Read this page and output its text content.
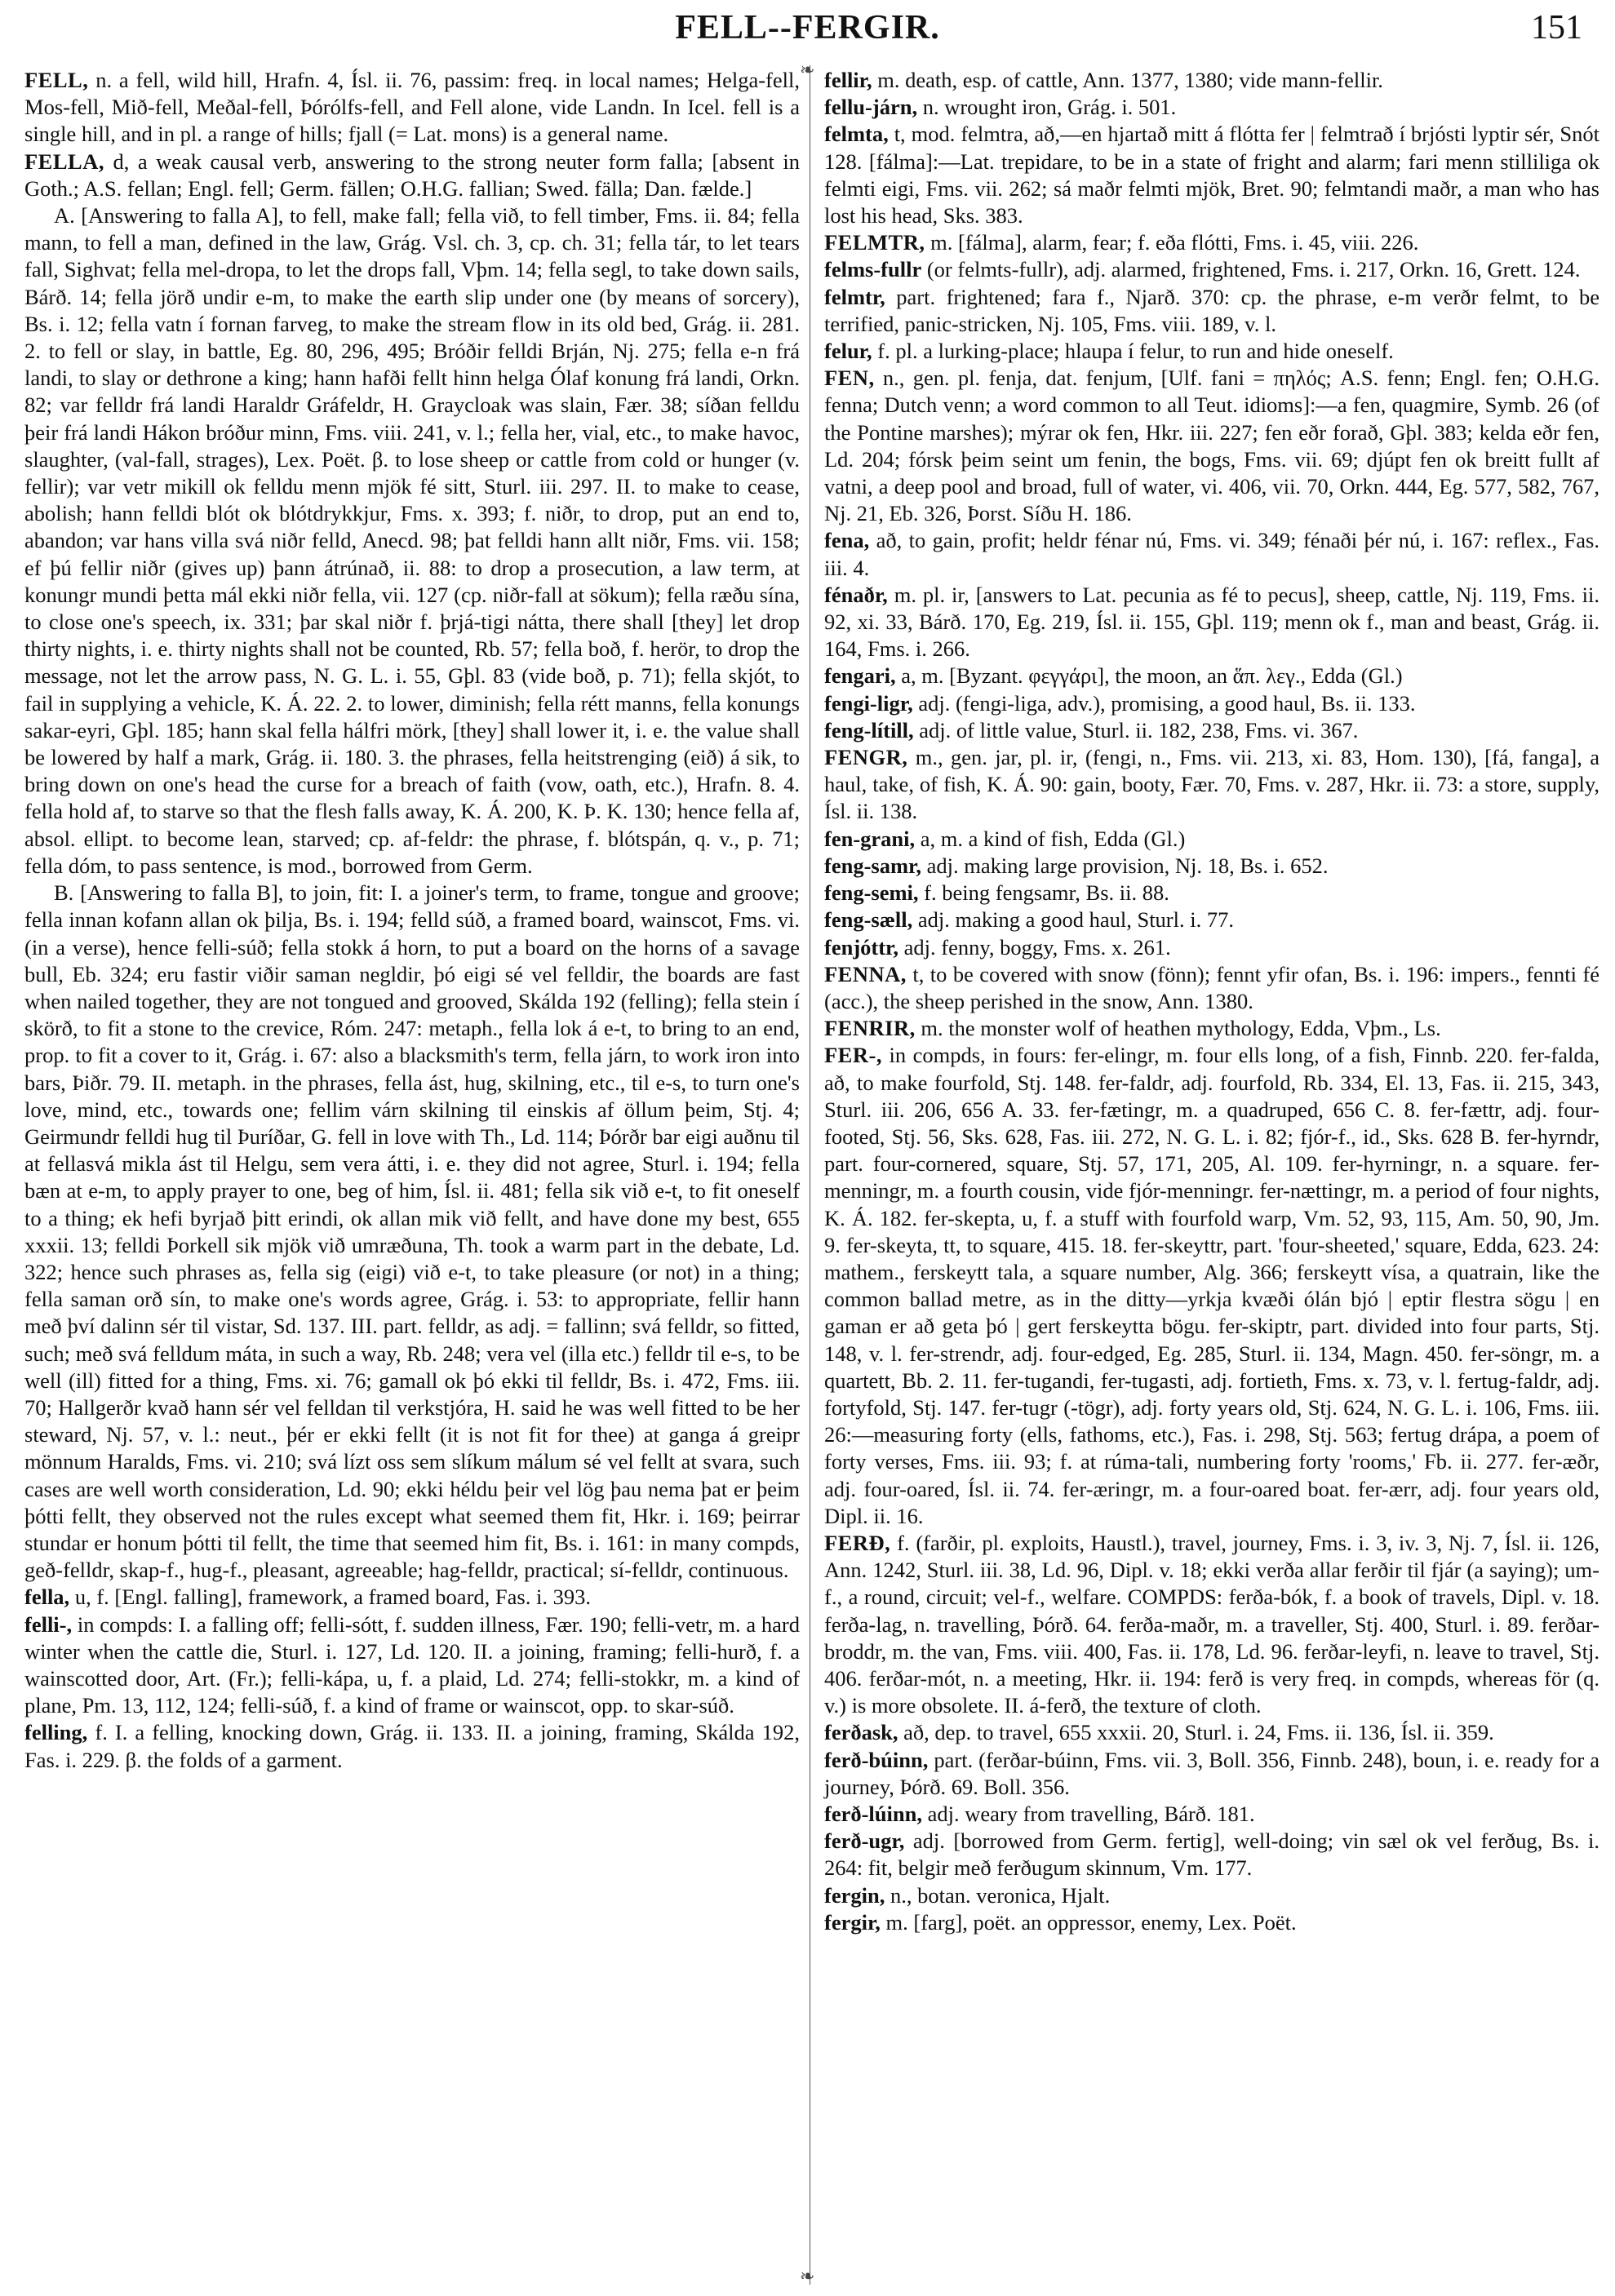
FELL--FERGIR.	151
❧
❧

FELL, n. a fell, wild hill, Hrafn. 4, Ísl. ii. 76, passim: freq. in local names; Helga-fell, Mos-fell, Mið-fell, Meðal-fell, Þórólfs-fell, and Fell alone, vide Landn. In Icel. fell is a single hill, and in pl. a range of hills; fjall (= Lat. mons) is a general name.

FELLA, d, a weak causal verb, answering to the strong neuter form falla; [absent in Goth.; A.S. fellan; Engl. fell; Germ. fällen; O.H.G. fallian; Swed. fälla; Dan. fælde.]

A. [Answering to falla A], to fell, make fall; fella við, to fell timber, Fms. ii. 84; fella mann, to fell a man, defined in the law, Grág. Vsl. ch. 3, cp. ch. 31; fella tár, to let tears fall, Sighvat; fella mel-dropa, to let the drops fall, Vþm. 14; fella segl, to take down sails, Bárð. 14; fella jörð undir e-m, to make the earth slip under one (by means of sorcery), Bs. i. 12; fella vatn í fornan farveg, to make the stream flow in its old bed, Grág. ii. 281. 2. to fell or slay, in battle, Eg. 80, 296, 495; Bróðir felldi Brján, Nj. 275; fella e-n frá landi, to slay or dethrone a king; hann hafði fellt hinn helga Ólaf konung frá landi, Orkn. 82; var felldr frá landi Haraldr Gráfeldr, H. Graycloak was slain, Fær. 38; síðan felldu þeir frá landi Hákon bróður minn, Fms. viii. 241, v. l.; fella her, vial, etc., to make havoc, slaughter, (val-fall, strages), Lex. Poët. β. to lose sheep or cattle from cold or hunger (v. fellir); var vetr mikill ok felldu menn mjök fé sitt, Sturl. iii. 297. II. to make to cease, abolish; hann felldi blót ok blótdrykkjur, Fms. x. 393; f. niðr, to drop, put an end to, abandon; var hans villa svá niðr felld, Anecd. 98; þat felldi hann allt niðr, Fms. vii. 158; ef þú fellir niðr (gives up) þann átrúnað, ii. 88: to drop a prosecution, a law term, at konungr mundi þetta mál ekki niðr fella, vii. 127 (cp. niðr-fall at sökum); fella ræðu sína, to close one's speech, ix. 331; þar skal niðr f. þrjá-tigi nátta, there shall [they] let drop thirty nights, i. e. thirty nights shall not be counted, Rb. 57; fella boð, f. herör, to drop the message, not let the arrow pass, N. G. L. i. 55, Gþl. 83 (vide boð, p. 71); fella skjót, to fail in supplying a vehicle, K. Á. 22. 2. to lower, diminish; fella rétt manns, fella konungs sakar-eyri, Gþl. 185; hann skal fella hálfri mörk, [they] shall lower it, i. e. the value shall be lowered by half a mark, Grág. ii. 180. 3. the phrases, fella heitstrenging (eið) á sik, to bring down on one's head the curse for a breach of faith (vow, oath, etc.), Hrafn. 8. 4. fella hold af, to starve so that the flesh falls away, K. Á. 200, K. Þ. K. 130; hence fella af, absol. ellipt. to become lean, starved; cp. af-feldr: the phrase, f. blótspán, q. v., p. 71; fella dóm, to pass sentence, is mod., borrowed from Germ.

B. [Answering to falla B], to join, fit: I. a joiner's term, to frame, tongue and groove; fella innan kofann allan ok þilja, Bs. i. 194; felld súð, a framed board, wainscot, Fms. vi. (in a verse), hence felli-súð; fella stokk á horn, to put a board on the horns of a savage bull, Eb. 324; eru fastir viðir saman negldir, þó eigi sé vel felldir, the boards are fast when nailed together, they are not tongued and grooved, Skálda 192 (felling); fella stein í skörð, to fit a stone to the crevice, Róm. 247: metaph., fella lok á e-t, to bring to an end, prop. to fit a cover to it, Grág. i. 67: also a blacksmith's term, fella járn, to work iron into bars, Þiðr. 79. II. metaph. in the phrases, fella ást, hug, skilning, etc., til e-s, to turn one's love, mind, etc., towards one; fellim várn skilning til einskis af öllum þeim, Stj. 4; Geirmundr felldi hug til Þuríðar, G. fell in love with Th., Ld. 114; Þórðr bar eigi auðnu til at fellasvá mikla ást til Helgu, sem vera átti, i. e. they did not agree, Sturl. i. 194; fella bæn at e-m, to apply prayer to one, beg of him, Ísl. ii. 481; fella sik við e-t, to fit oneself to a thing; ek hefi byrjað þitt erindi, ok allan mik við fellt, and have done my best, 655 xxxii. 13; felldi Þorkell sik mjök við umræðuna, Th. took a warm part in the debate, Ld. 322; hence such phrases as, fella sig (eigi) við e-t, to take pleasure (or not) in a thing; fella saman orð sín, to make one's words agree, Grág. i. 53: to appropriate, fellir hann með því dalinn sér til vistar, Sd. 137. III. part. felldr, as adj. = fallinn; svá felldr, so fitted, such; með svá felldum máta, in such a way, Rb. 248; vera vel (illa etc.) felldr til e-s, to be well (ill) fitted for a thing, Fms. xi. 76; gamall ok þó ekki til felldr, Bs. i. 472, Fms. iii. 70; Hallgerðr kvað hann sér vel felldan til verkstjóra, H. said he was well fitted to be her steward, Nj. 57, v. l.: neut., þér er ekki fellt (it is not fit for thee) at ganga á greipr mönnum Haralds, Fms. vi. 210; svá lízt oss sem slíkum málum sé vel fellt at svara, such cases are well worth consideration, Ld. 90; ekki héldu þeir vel lög þau nema þat er þeim þótti fellt, they observed not the rules except what seemed them fit, Hkr. i. 169; þeirrar stundar er honum þótti til fellt, the time that seemed him fit, Bs. i. 161: in many compds, geð-felldr, skap-f., hug-f., pleasant, agreeable; hag-felldr, practical; sí-felldr, continuous.

fella, u, f. [Engl. falling], framework, a framed board, Fas. i. 393.

felli-, in compds: I. a falling off; felli-sótt, f. sudden illness, Fær. 190; felli-vetr, m. a hard winter when the cattle die, Sturl. i. 127, Ld. 120. II. a joining, framing; felli-hurð, f. a wainscotted door, Art. (Fr.); felli-kápa, u, f. a plaid, Ld. 274; felli-stokkr, m. a kind of plane, Pm. 13, 112, 124; felli-súð, f. a kind of frame or wainscot, opp. to skar-súð.

felling, f. I. a felling, knocking down, Grág. ii. 133. II. a joining, framing, Skálda 192, Fas. i. 229. β. the folds of a garment.

fellir, m. death, esp. of cattle, Ann. 1377, 1380; vide mann-fellir.

fellu-járn, n. wrought iron, Grág. i. 501.

felmta, t, mod. felmtra, að,—en hjartað mitt á flótta fer | felmtrað í brjósti lyptir sér, Snót 128. [fálma]:—Lat. trepidare, to be in a state of fright and alarm; fari menn stilliliga ok felmti eigi, Fms. vii. 262; sá maðr felmti mjök, Bret. 90; felmtandi maðr, a man who has lost his head, Sks. 383.

FELMTR, m. [fálma], alarm, fear; f. eða flótti, Fms. i. 45, viii. 226.

felms-fullr (or felmts-fullr), adj. alarmed, frightened, Fms. i. 217, Orkn. 16, Grett. 124.

felmtr, part. frightened; fara f., Njarð. 370: cp. the phrase, e-m verðr felmt, to be terrified, panic-stricken, Nj. 105, Fms. viii. 189, v. l.

felur, f. pl. a lurking-place; hlaupa í felur, to run and hide oneself.

FEN, n., gen. pl. fenja, dat. fenjum, [Ulf. fani = πηλός; A.S. fenn; Engl. fen; O.H.G. fenna; Dutch venn; a word common to all Teut. idioms]:—a fen, quagmire, Symb. 26 (of the Pontine marshes); mýrar ok fen, Hkr. iii. 227; fen eðr forað, Gþl. 383; kelda eðr fen, Ld. 204; fórsk þeim seint um fenin, the bogs, Fms. vii. 69; djúpt fen ok breitt fullt af vatni, a deep pool and broad, full of water, vi. 406, vii. 70, Orkn. 444, Eg. 577, 582, 767, Nj. 21, Eb. 326, Þorst. Síðu H. 186.

fena, að, to gain, profit; heldr fénar nú, Fms. vi. 349; fénaði þér nú, i. 167: reflex., Fas. iii. 4.

fénaðr, m. pl. ir, [answers to Lat. pecunia as fé to pecus], sheep, cattle, Nj. 119, Fms. ii. 92, xi. 33, Bárð. 170, Eg. 219, Ísl. ii. 155, Gþl. 119; menn ok f., man and beast, Grág. ii. 164, Fms. i. 266.

fengari, a, m. [Byzant. φεγγάρι], the moon, an ἅπ. λεγ., Edda (Gl.)

fengi-ligr, adj. (fengi-liga, adv.), promising, a good haul, Bs. ii. 133.

feng-lítill, adj. of little value, Sturl. ii. 182, 238, Fms. vi. 367.

FENGR, m., gen. jar, pl. ir, (fengi, n., Fms. vii. 213, xi. 83, Hom. 130), [fá, fanga], a haul, take, of fish, K. Á. 90: gain, booty, Fær. 70, Fms. v. 287, Hkr. ii. 73: a store, supply, Ísl. ii. 138.

fen-grani, a, m. a kind of fish, Edda (Gl.)

feng-samr, adj. making large provision, Nj. 18, Bs. i. 652.

feng-semi, f. being fengsamr, Bs. ii. 88.

feng-sæll, adj. making a good haul, Sturl. i. 77.

fenjóttr, adj. fenny, boggy, Fms. x. 261.

FENNA, t, to be covered with snow (fönn); fennt yfir ofan, Bs. i. 196: impers., fennti fé (acc.), the sheep perished in the snow, Ann. 1380.

FENRIR, m. the monster wolf of heathen mythology, Edda, Vþm., Ls.

FER-, in compds, in fours: fer-elingr, m. four ells long, of a fish, Finnb. 220. fer-falda, að, to make fourfold, Stj. 148. fer-faldr, adj. fourfold, Rb. 334, El. 13, Fas. ii. 215, 343, Sturl. iii. 206, 656 A. 33. fer-fætingr, m. a quadruped, 656 C. 8. fer-fættr, adj. four-footed, Stj. 56, Sks. 628, Fas. iii. 272, N. G. L. i. 82; fjór-f., id., Sks. 628 B. fer-hyrndr, part. four-cornered, square, Stj. 57, 171, 205, Al. 109. fer-hyrningr, n. a square. fer-menningr, m. a fourth cousin, vide fjór-menningr. fer-nættingr, m. a period of four nights, K. Á. 182. fer-skepta, u, f. a stuff with fourfold warp, Vm. 52, 93, 115, Am. 50, 90, Jm. 9. fer-skeyta, tt, to square, 415. 18. fer-skeyttr, part. 'four-sheeted,' square, Edda, 623. 24: mathem., ferskeytt tala, a square number, Alg. 366; ferskeytt vísa, a quatrain, like the common ballad metre, as in the ditty—yrkja kvæði ólán bjó | eptir flestra sögu | en gaman er að geta þó | gert ferskeytta bögu. fer-skiptr, part. divided into four parts, Stj. 148, v. l. fer-strendr, adj. four-edged, Eg. 285, Sturl. ii. 134, Magn. 450. fer-söngr, m. a quartett, Bb. 2. 11. fer-tugandi, fer-tugasti, adj. fortieth, Fms. x. 73, v. l. fertug-faldr, adj. fortyfold, Stj. 147. fer-tugr (-tögr), adj. forty years old, Stj. 624, N. G. L. i. 106, Fms. iii. 26:—measuring forty (ells, fathoms, etc.), Fas. i. 298, Stj. 563; fertug drápa, a poem of forty verses, Fms. iii. 93; f. at rúma-tali, numbering forty 'rooms,' Fb. ii. 277. fer-æðr, adj. four-oared, Ísl. ii. 74. fer-æringr, m. a four-oared boat. fer-ærr, adj. four years old, Dipl. ii. 16.

FERÐ, f. (farðir, pl. exploits, Haustl.), travel, journey, Fms. i. 3, iv. 3, Nj. 7, Ísl. ii. 126, Ann. 1242, Sturl. iii. 38, Ld. 96, Dipl. v. 18; ekki verða allar ferðir til fjár (a saying); um-f., a round, circuit; vel-f., welfare. COMPDS: ferða-bók, f. a book of travels, Dipl. v. 18. ferða-lag, n. travelling, Þórð. 64. ferða-maðr, m. a traveller, Stj. 400, Sturl. i. 89. ferðar-broddr, m. the van, Fms. viii. 400, Fas. ii. 178, Ld. 96. ferðar-leyfi, n. leave to travel, Stj. 406. ferðar-mót, n. a meeting, Hkr. ii. 194: ferð is very freq. in compds, whereas för (q. v.) is more obsolete. II. á-ferð, the texture of cloth.

ferðask, að, dep. to travel, 655 xxxii. 20, Sturl. i. 24, Fms. ii. 136, Ísl. ii. 359.

ferð-búinn, part. (ferðar-búinn, Fms. vii. 3, Boll. 356, Finnb. 248), boun, i. e. ready for a journey, Þórð. 69. Boll. 356.

ferð-lúinn, adj. weary from travelling, Bárð. 181.

ferð-ugr, adj. [borrowed from Germ. fertig], well-doing; vin sæl ok vel ferðug, Bs. i. 264: fit, belgir með ferðugum skinnum, Vm. 177.

fergin, n., botan. veronica, Hjalt.

fergir, m. [farg], poët. an oppressor, enemy, Lex. Poët.
